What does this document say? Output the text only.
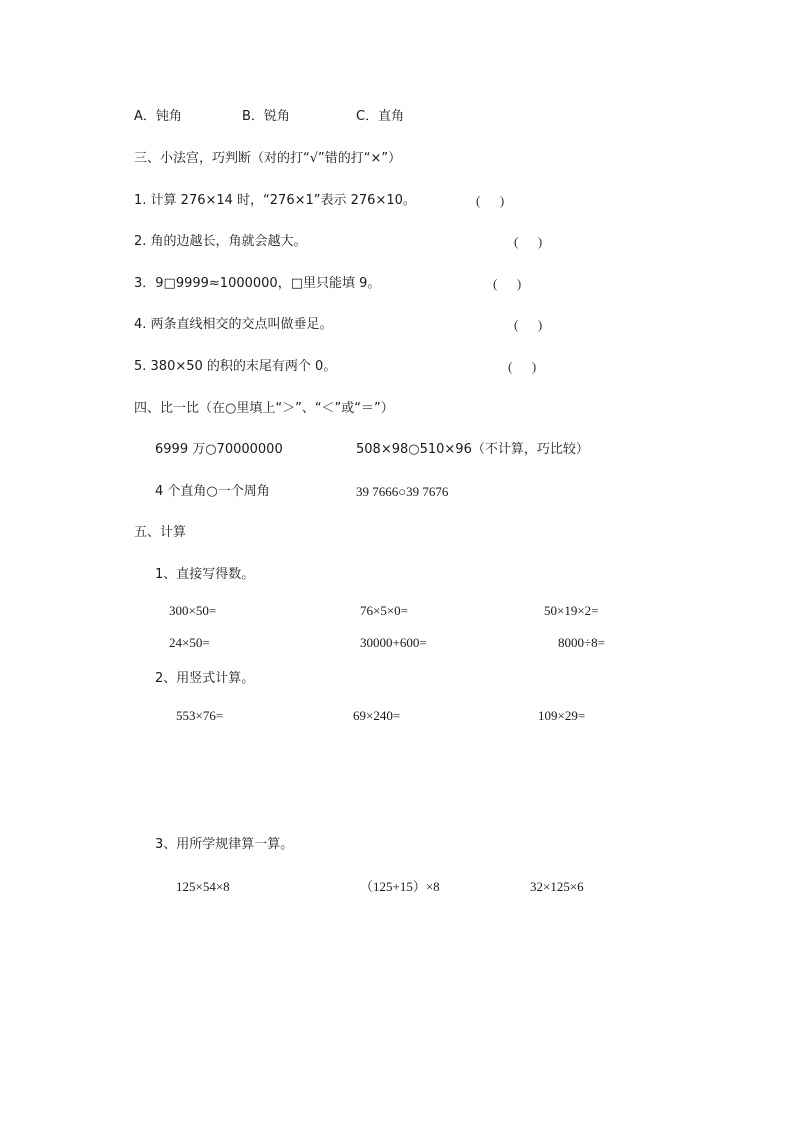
A．钝角	B．锐角	C．直角
三、小法宫，巧判断（对的打“√”错的打“×”）
1. 计算 276×14 时，“276×1”表示 276×10。	(      )
2. 角的边越长，角就会越大。	(      )
3．9□9999≈1000000，□里只能填 9。	(      )
4. 两条直线相交的交点叫做垂足。	(      )
5. 380×50 的积的末尾有两个 0。	(      )
四、比一比（在○里填上“＞”、“＜”或“＝”）
6999 万○70000000	508×98○510×96（不计算，巧比较）
4 个直角○一个周角	39 7666○39 7676
五、计算
1、直接写得数。
300×50=	76×5×0=	50×19×2=
24×50=	30000+600=	8000÷8=
2、用竖式计算。
553×76=	69×240=	109×29=
3、用所学规律算一算。
125×54×8	（125+15）×8	32×125×6
